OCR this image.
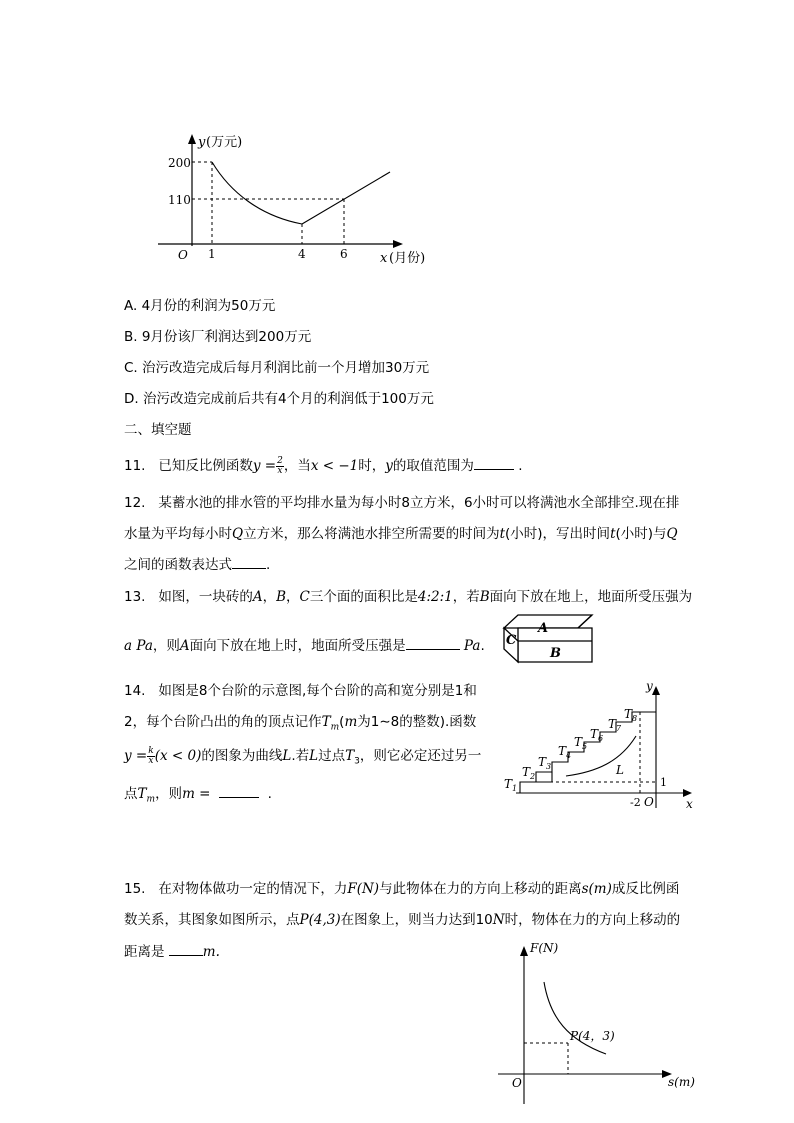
y (万元)
200
110
O 1	4	6 x (月份)
A. 4月份的利润为50万元
B. 9月份该厂利润达到200万元
C. 治污改造完成后每月利润比前一个月增加30万元
D. 治污改造完成前后共有4个月的利润低于100万元
二、填空题
11. 已知反比例函数$y = \frac{2}{x}$ ，当x < −1时，y的取值范围为	.
12. 某蓄水池的排水管的平均排水量为每小时8立方米，6小时可以将满池水全部排空.现在排
水量为平均每小时Q立方米，那么将满池水排空所需要的时间为t(小时)，写出时间t(小时)与Q
之间的函数表达式	.
13. 如图，一块砖的A，B，C三个面的面积比是4:2:1，若B面向下放在地上，地面所受压强为
a Pa，则A面向下放在地上时，地面所受压强是	Pa.
A
B
C
14. 如图是8个台阶的示意图,每个台阶的高和宽分别是1和
2，每个台阶凸出的角的顶点记作$T_m(m$为1∼8的整数).函数
$y = \frac{k}{x} (x < 0)$的图象为曲线L.若L过点$T_3$，则它必定还过另一
点$T_m$，则m =	.
$T_1$
$T_2$
$T_3$
$T_4$
$T_5$
$T_6$
$T_7$
$T_8$
L
y
x
O
1
-2
15. 在对物体做功一定的情况下，力F(N)与此物体在力的方向上移动的距离s(m)成反比例函
数关系，其图象如图所示，点P(4,3)在图象上，则当力达到10N时，物体在力的方向上移动的
距离是	m.	F(N)
s(m)
O
P(4，3)
